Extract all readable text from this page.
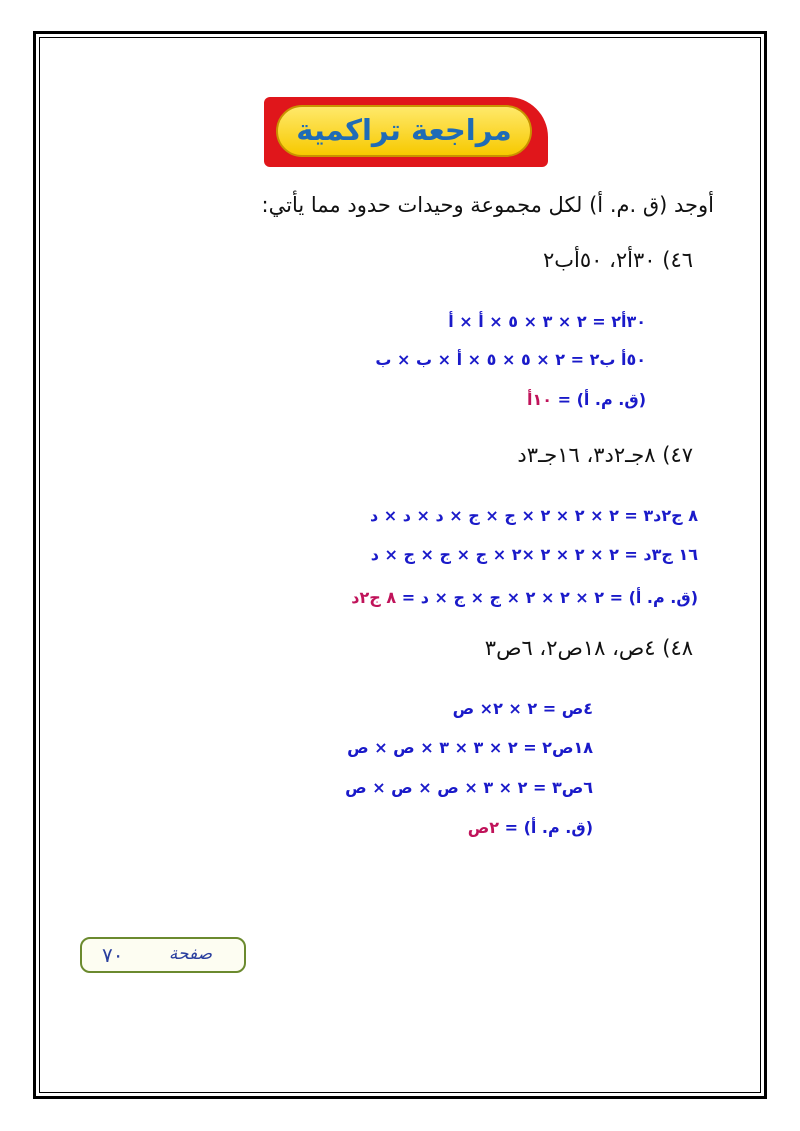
مراجعة تراكمية
أوجد (ق .م. أ) لكل مجموعة وحيدات حدود مما يأتي:
٤٦) ٣٠أ٢، ٥٠أب٢
٣٠أ٢ = ٢ × ٣ × ٥ × أ × أ
٥٠أ ب٢ = ٢ × ٥ × ٥ × أ × ب × ب
(ق. م. أ) = ١٠أ
٤٧) ٨جـ٢د٣، ١٦جـ٣د
٨ ج٢د٣ = ٢ × ٢ × ٢ × ج × ج × د × د × د
١٦ ج٣د = ٢ × ٢ × ٢ ×٢ × ج × ج × ج × د
(ق. م. أ) = ٢ × ٢ × ٢ × ج × ج × د = ٨ ج٢د
٤٨) ٤ص، ١٨ص٢، ٦ص٣
٤ص = ٢ × ٢× ص
١٨ص٢ = ٢ × ٣ × ٣ × ص × ص
٦ص٣ = ٢ × ٣ × ص × ص × ص
(ق. م. أ) = ٢ص
صفحة
٧٠
